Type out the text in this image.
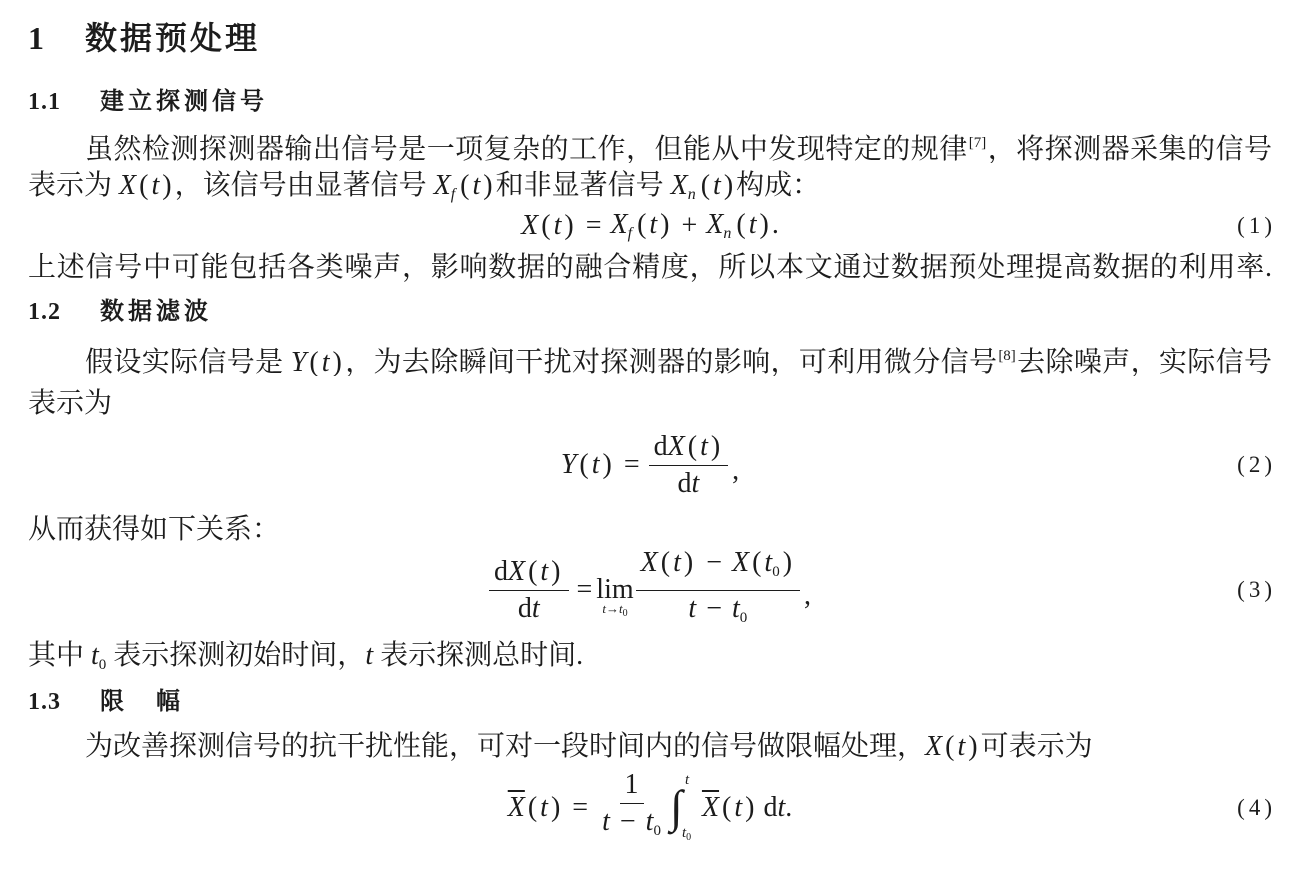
1 数据预处理
1.1 建立探测信号
虽然检测探测器输出信号是一项复杂的工作，但能从中发现特定的规律[7]，将探测器采集的信号
表示为 X ( t ) ，该信号由显著信号 $X_f$ ( t ) 和非显著信号 $X_n$ ( t ) 构成：
X ( t ) = $X_f$ ( t ) + $X_n$ ( t ) .	(1)
上述信号中可能包括各类噪声，影响数据的融合精度，所以本文通过数据预处理提高数据的利用率.
1.2 数据滤波
假设实际信号是 Y ( t ) ，为去除瞬间干扰对探测器的影响，可利用微分信号[8]去除噪声，实际信号
表示为
Y ( t ) = $\frac{dX ( t )}{dt}$ ,	(2)
从而获得如下关系：
$\frac{dX ( t )}{dt} = \lim$
$t\to t_0 \frac{X ( t ) - X ( t0 )}{t - t0}$ ,	(3)
其中 t0 表示探测初始时间，t 表示探测总时间.
1.3 限　幅
为改善探测信号的抗干扰性能，可对一段时间内的信号做限幅处理，X ( t ) 可表示为
$\overline{X}$ ( t ) = $\frac{1}{t - t0}$ ∫
t
$t_0$
$\overline{X}$ ( t ) dt.	(4)
